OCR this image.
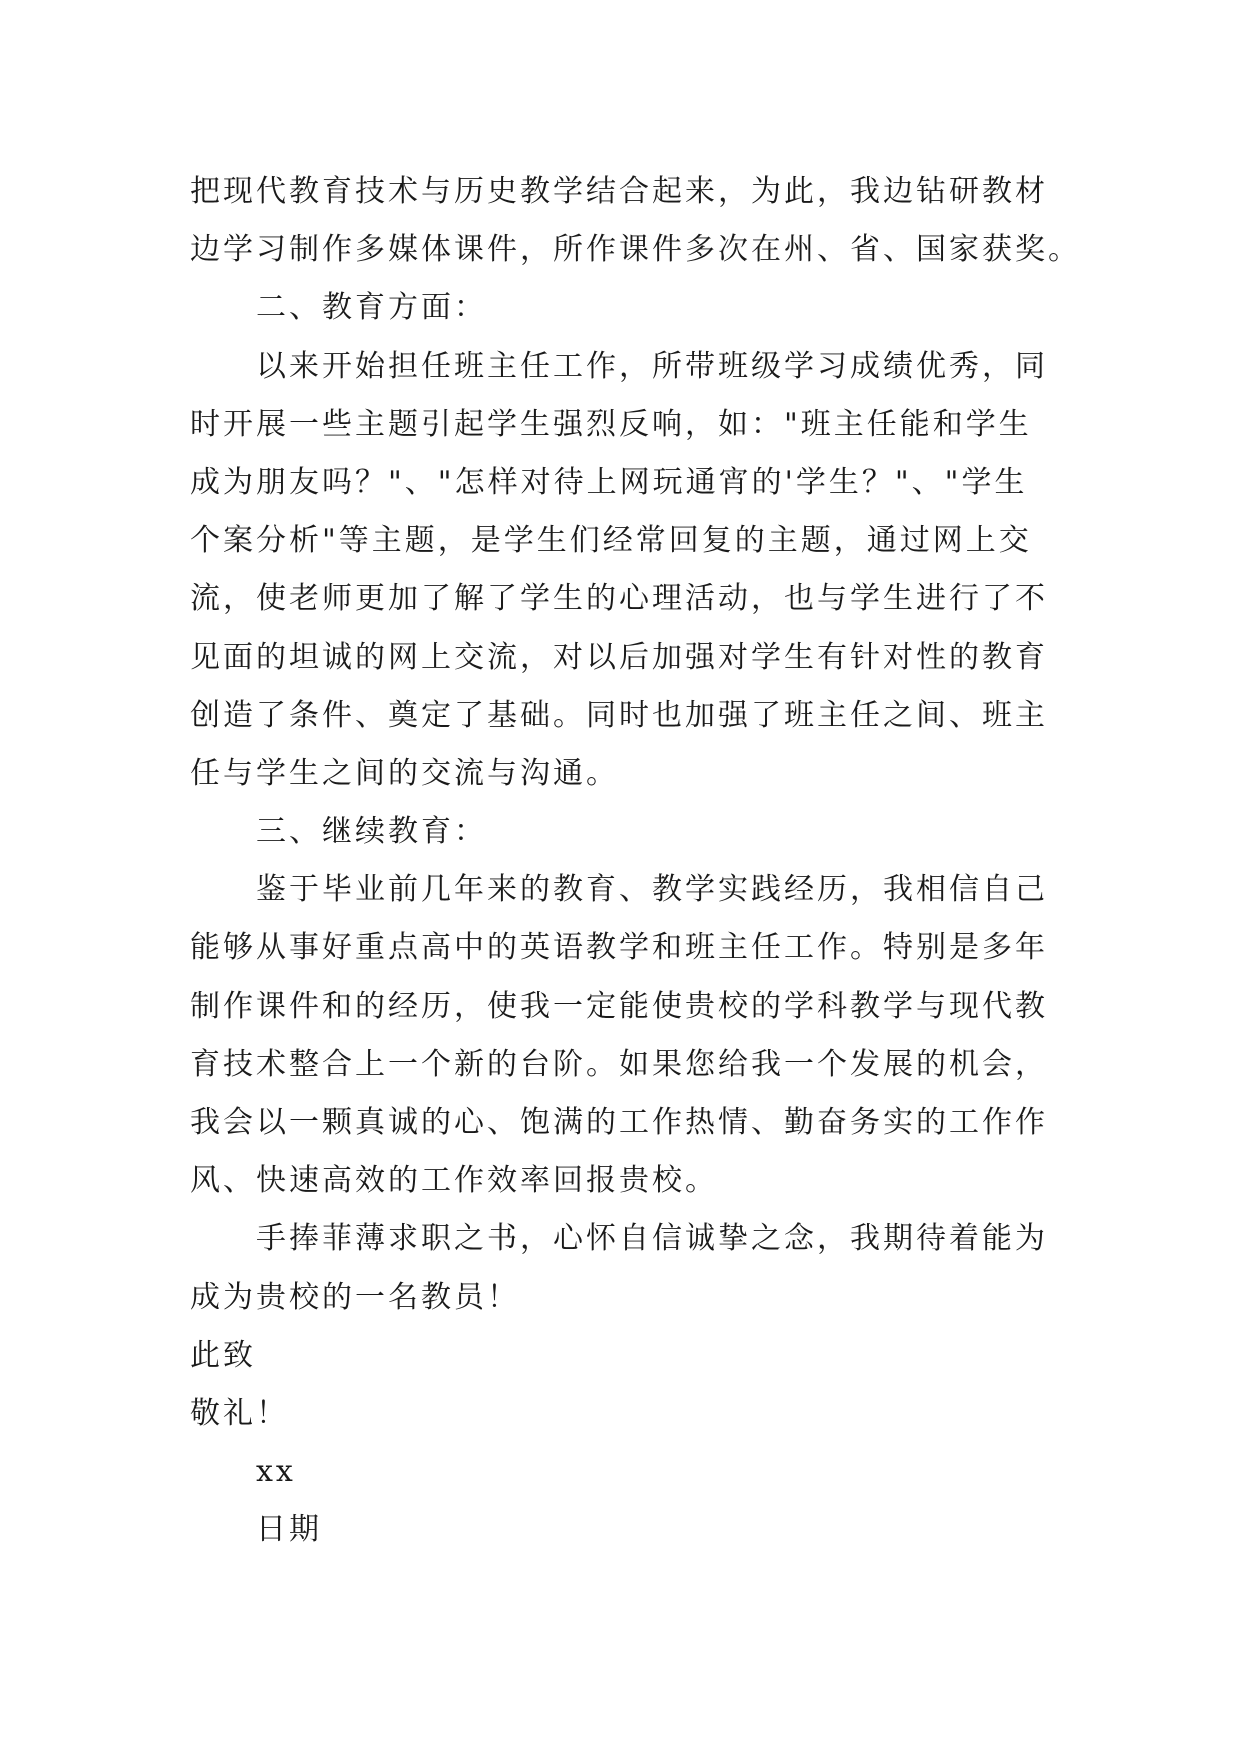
把现代教育技术与历史教学结合起来，为此，我边钻研教材
边学习制作多媒体课件，所作课件多次在州、省、国家获奖。
二、教育方面：
以来开始担任班主任工作，所带班级学习成绩优秀，同
时开展一些主题引起学生强烈反响，如："班主任能和学生
成为朋友吗？"、"怎样对待上网玩通宵的'学生？"、"学生
个案分析"等主题，是学生们经常回复的主题，通过网上交
流，使老师更加了解了学生的心理活动，也与学生进行了不
见面的坦诚的网上交流，对以后加强对学生有针对性的教育
创造了条件、奠定了基础。同时也加强了班主任之间、班主
任与学生之间的交流与沟通。
三、继续教育：
鉴于毕业前几年来的教育、教学实践经历，我相信自己
能够从事好重点高中的英语教学和班主任工作。特别是多年
制作课件和的经历，使我一定能使贵校的学科教学与现代教
育技术整合上一个新的台阶。如果您给我一个发展的机会，
我会以一颗真诚的心、饱满的工作热情、勤奋务实的工作作
风、快速高效的工作效率回报贵校。
手捧菲薄求职之书，心怀自信诚挚之念，我期待着能为
成为贵校的一名教员！
此致
敬礼！
xx
日期
